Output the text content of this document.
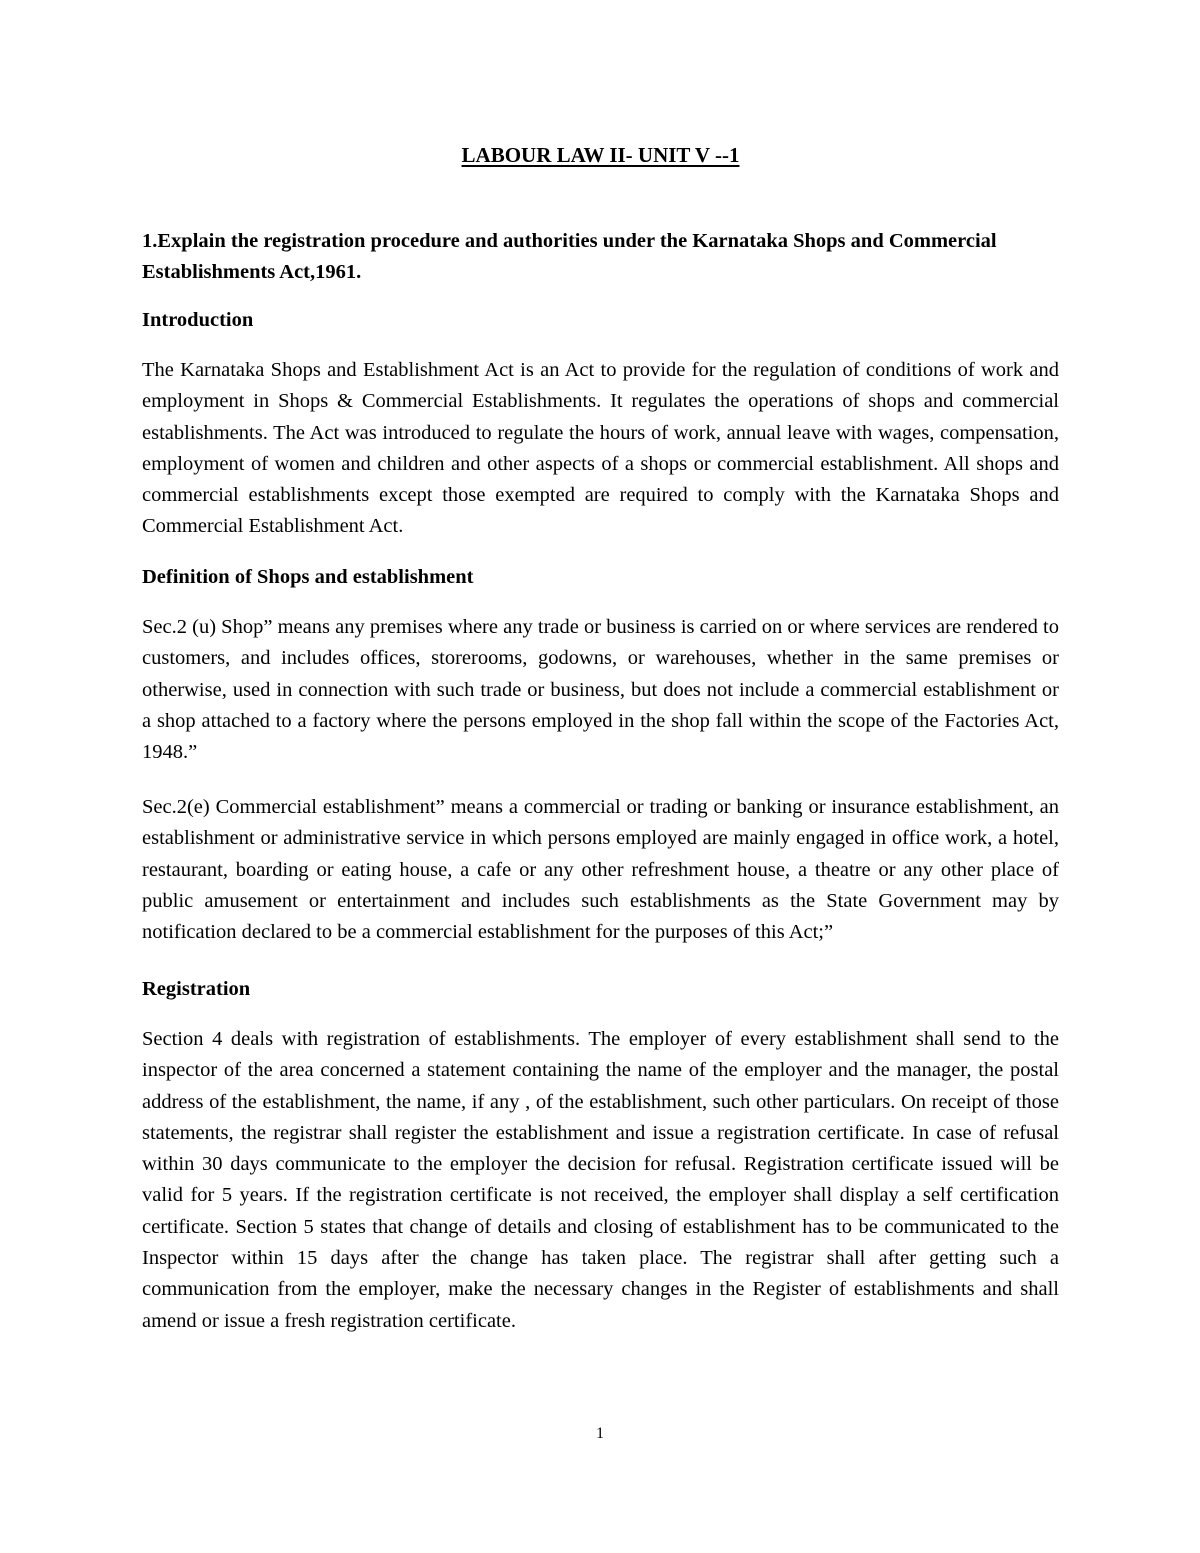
LABOUR LAW II- UNIT V --1
1.Explain the registration procedure and authorities under the Karnataka Shops and Commercial Establishments Act,1961.
Introduction
The Karnataka Shops and Establishment Act is an Act to provide for the regulation of conditions of work and employment in Shops & Commercial Establishments. It regulates the operations of shops and commercial establishments. The Act was introduced to regulate the hours of work, annual leave with wages, compensation, employment of women and children and other aspects of a shops or commercial establishment. All shops and commercial establishments except those exempted are required to comply with the Karnataka Shops and Commercial Establishment Act.
Definition of Shops and establishment
Sec.2 (u) Shop” means any premises where any trade or business is carried on or where services are rendered to customers, and includes offices, storerooms, godowns, or warehouses, whether in the same premises or otherwise, used in connection with such trade or business, but does not include a commercial establishment or a shop attached to a factory where the persons employed in the shop fall within the scope of the Factories Act, 1948.”
Sec.2(e) Commercial establishment” means a commercial or trading or banking or insurance establishment, an establishment or administrative service in which persons employed are mainly engaged in office work, a hotel, restaurant, boarding or eating house, a cafe or any other refreshment house, a theatre or any other place of public amusement or entertainment and includes such establishments as the State Government may by notification declared to be a commercial establishment for the purposes of this Act;”
Registration
Section 4 deals with registration of establishments. The employer of every establishment shall send to the inspector of the area concerned a statement containing the name of the employer and the manager, the postal address of the establishment, the name, if any , of the establishment, such other particulars. On receipt of those statements, the registrar shall register the establishment and issue a registration certificate. In case of refusal within 30 days communicate to the employer the decision for refusal. Registration certificate issued will be valid for 5 years. If the registration certificate is not received, the employer shall display a self certification certificate. Section 5 states that change of details and closing of establishment has to be communicated to the Inspector within 15 days after the change has taken place. The registrar shall after getting such a communication from the employer, make the necessary changes in the Register of establishments and shall amend or issue a fresh registration certificate.
1
